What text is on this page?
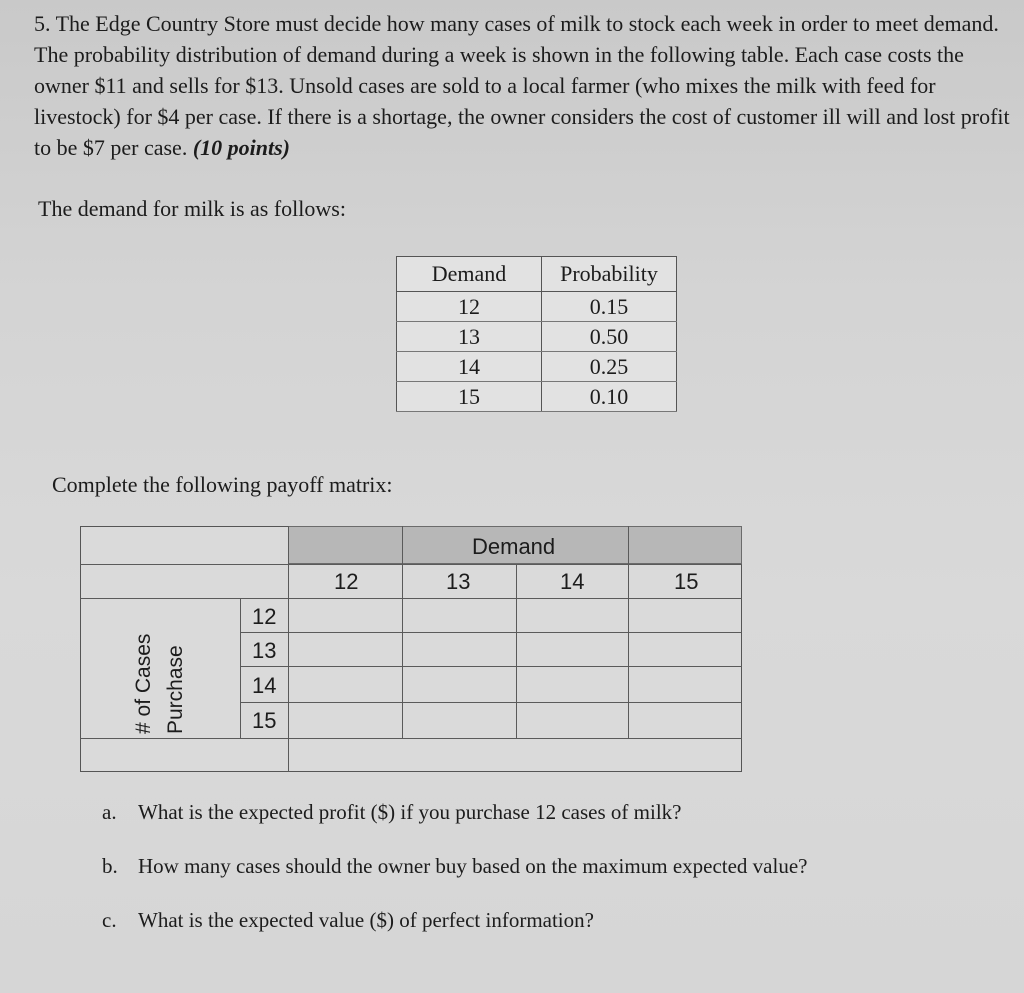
5. The Edge Country Store must decide how many cases of milk to stock each week in order to meet demand. The probability distribution of demand during a week is shown in the following table. Each case costs the owner $11 and sells for $13. Unsold cases are sold to a local farmer (who mixes the milk with feed for livestock) for $4 per case. If there is a shortage, the owner considers the cost of customer ill will and lost profit to be $7 per case. (10 points)

The demand for milk is as follows:

Demand	Probability
12	0.15
13	0.50
14	0.25
15	0.10

Complete the following payoff matrix:

Demand
12	13	14	15
# of Cases Purchase
12
13
14
15
a. What is the expected profit ($) if you purchase 12 cases of milk?
b. How many cases should the owner buy based on the maximum expected value?
c. What is the expected value ($) of perfect information?
